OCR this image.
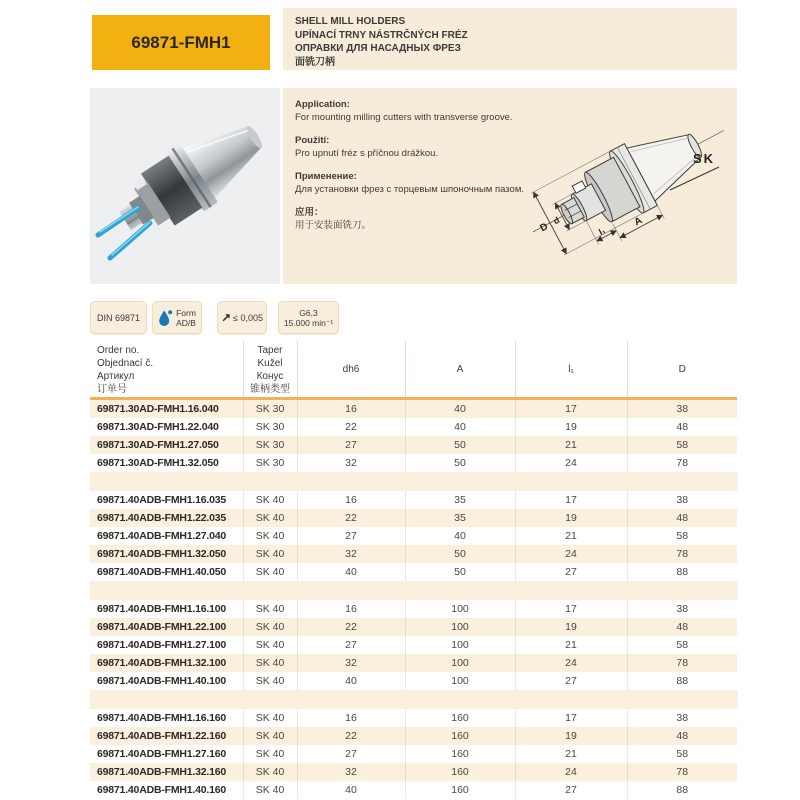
69871-FMH1
SHELL MILL HOLDERS
UPÍNACÍ TRNY NÁSTRČNÝCH FRÉZ
ОПРАВКИ ДЛЯ НАСАДНЫХ ФРЕЗ
面铣刀柄
Application:
For mounting milling cutters with transverse groove.
Použití:
Pro upnutí fréz s příčnou drážkou.
Применение:
Для установки фрез с торцевым шпоночным пазом.
应用：
用于安装面铣刀。	A
l₁
d
D
SK
DIN 69871	Form
AD/B ↗ ≤ 0,005	G6,3
15.000 min⁻¹
Order no.
Objednací č.
Артикул
订单号

Taper
Kužel
Конус
锥柄类型

dh6	A	l₁	D

69871.30AD-FMH1.16.040	SK 30	16	40	17	38
69871.30AD-FMH1.22.040	SK 30	22	40	19	48
69871.30AD-FMH1.27.050	SK 30	27	50	21	58
69871.30AD-FMH1.32.050	SK 30	32	50	24	78

69871.40ADB-FMH1.16.035	SK 40	16	35	17	38
69871.40ADB-FMH1.22.035	SK 40	22	35	19	48
69871.40ADB-FMH1.27.040	SK 40	27	40	21	58
69871.40ADB-FMH1.32.050	SK 40	32	50	24	78
69871.40ADB-FMH1.40.050	SK 40	40	50	27	88

69871.40ADB-FMH1.16.100	SK 40	16	100	17	38
69871.40ADB-FMH1.22.100	SK 40	22	100	19	48
69871.40ADB-FMH1.27.100	SK 40	27	100	21	58
69871.40ADB-FMH1.32.100	SK 40	32	100	24	78
69871.40ADB-FMH1.40.100	SK 40	40	100	27	88

69871.40ADB-FMH1.16.160	SK 40	16	160	17	38
69871.40ADB-FMH1.22.160	SK 40	22	160	19	48
69871.40ADB-FMH1.27.160	SK 40	27	160	21	58
69871.40ADB-FMH1.32.160	SK 40	32	160	24	78
69871.40ADB-FMH1.40.160	SK 40	40	160	27	88
